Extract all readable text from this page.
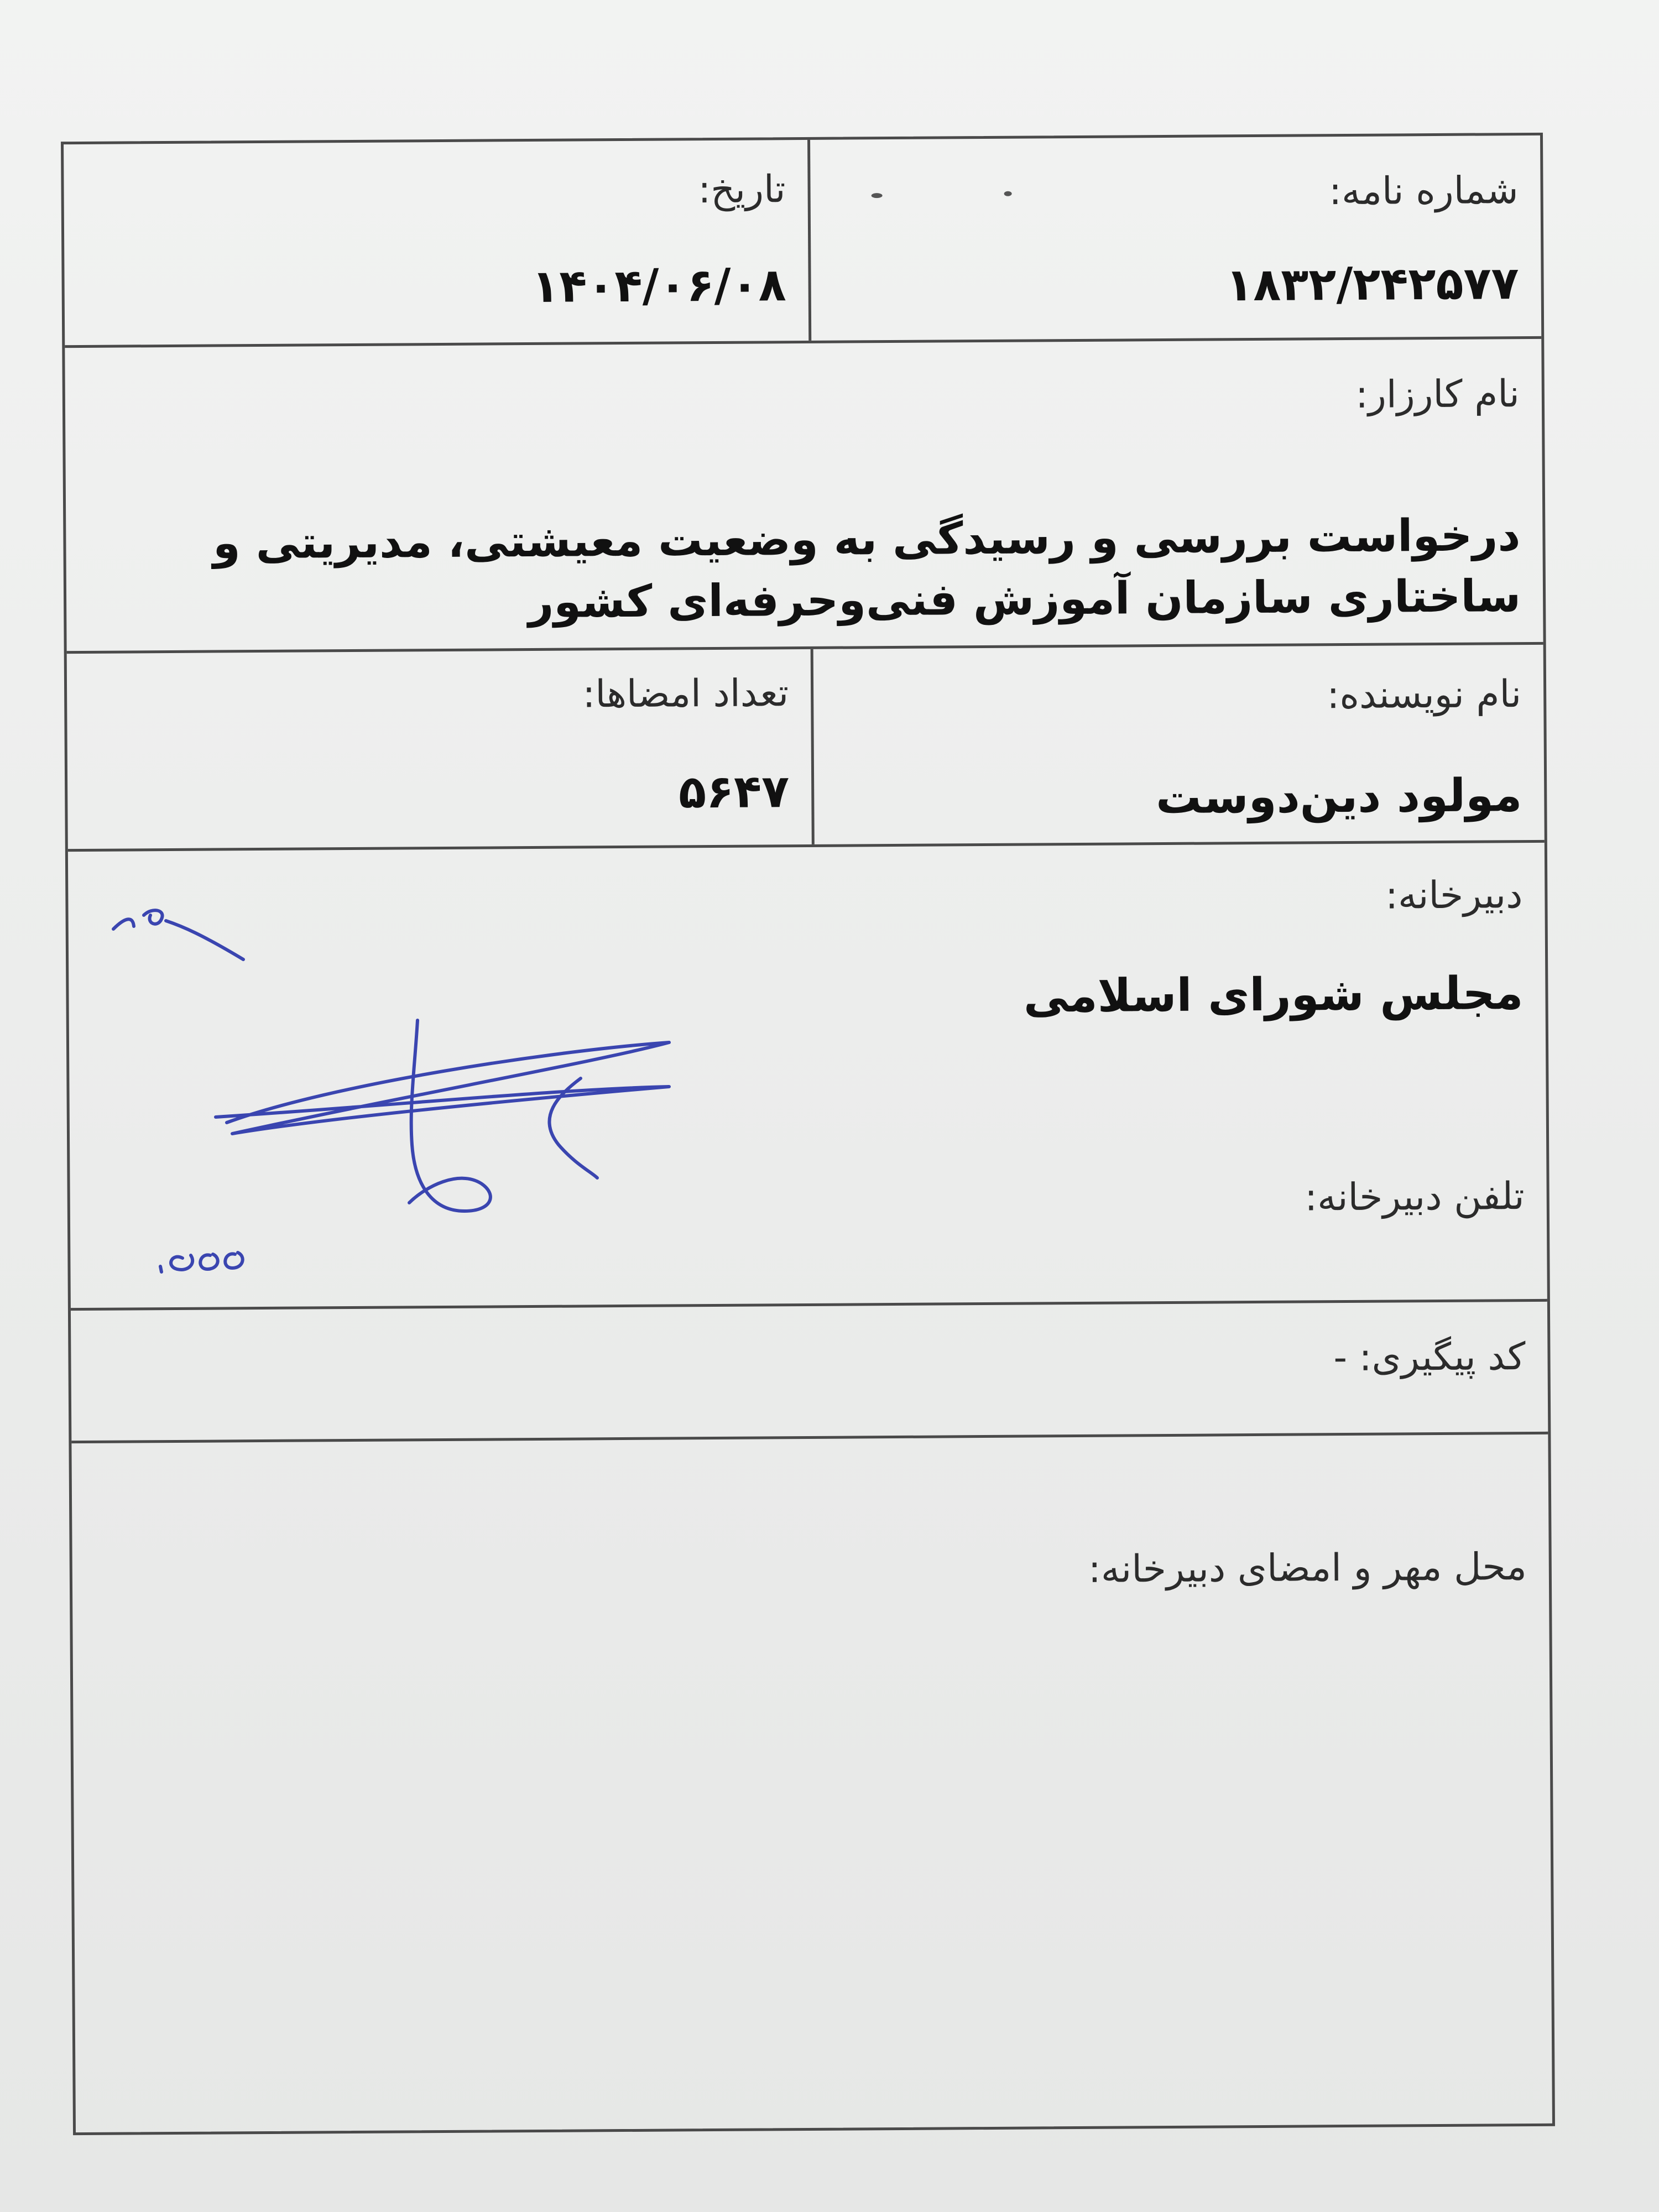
شماره نامه:
۱۸۳۲/۲۴۲۵۷۷
تاریخ:
۱۴۰۴/۰۶/۰۸
نام کارزار:
درخواست بررسی و رسیدگی به وضعیت معیشتی، مدیریتی و ساختاری سازمان آموزش فنی‌وحرفه‌ای کشور
نام نویسنده:
مولود دین‌دوست
تعداد امضاها:
۵۶۴۷
دبیرخانه:
مجلس شورای اسلامی
تلفن دبیرخانه:
کد پیگیری: -
محل مهر و امضای دبیرخانه:
